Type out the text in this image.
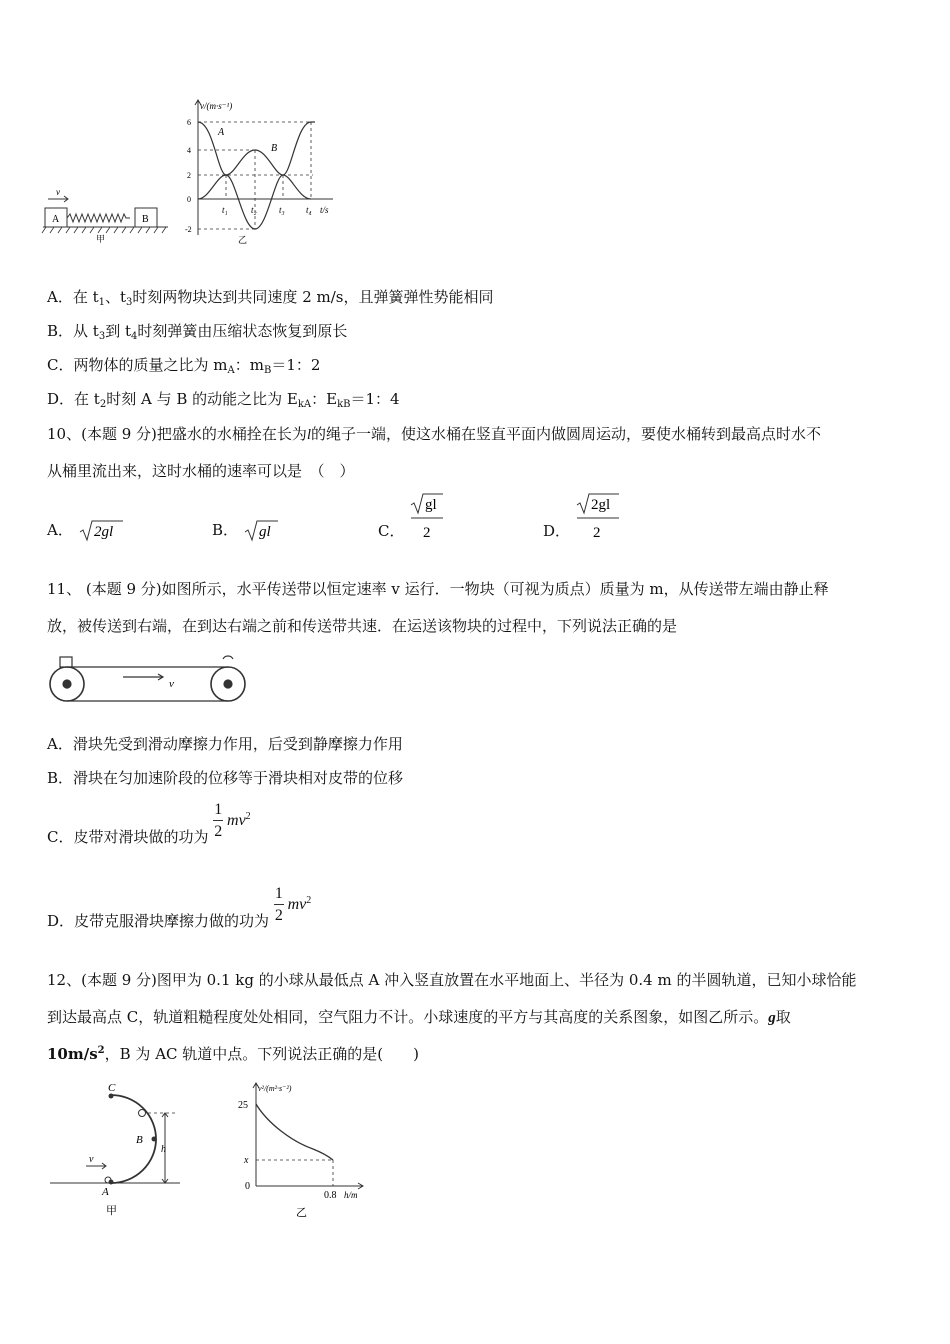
A	B
v
甲
v/(m·s⁻¹)
6
4
2
0
-2
t₁	t₂ t₃ t₄ t/s
A
B
乙
A．在 $t_1$、$t_3$时刻两物块达到共同速度 2 m/s，且弹簧弹性势能相同
B．从 $t_3$到 $t_4$时刻弹簧由压缩状态恢复到原长
C．两物体的质量之比为 $m_A$：$m_B=1$：2
D．在 $t_2$时刻 A 与 B 的动能之比为 $E_{kA}$：$E_{kB}=1$：4
10、(本题 9 分)把盛水的水桶拴在长为l的绳子一端，使这水桶在竖直平面内做圆周运动，要使水桶转到最高点时水不
从桶里流出来，这时水桶的速率可以是　（　）
A． 2gl	B． gl	C．
gl
2	D．
2gl
2
11、 (本题 9 分)如图所示，水平传送带以恒定速率 v 运行．一物块（可视为质点）质量为 m，从传送带左端由静止释
放，被传送到右端，在到达右端之前和传送带共速．在运送该物块的过程中，下列说法正确的是
v
A．滑块先受到滑动摩擦力作用，后受到静摩擦力作用
B．滑块在匀加速阶段的位移等于滑块相对皮带的位移
C．皮带对滑块做的功为 $\frac{1}{2} mv^2$
D．皮带克服滑块摩擦力做的功为 $\frac{1}{2} mv^2$
12、(本题 9 分)图甲为 0.1 kg 的小球从最低点 A 冲入竖直放置在水平地面上、半径为 0.4 m 的半圆轨道，已知小球恰能
到达最高点 C，轨道粗糙程度处处相同，空气阻力不计。小球速度的平方与其高度的关系图象，如图乙所示。g取
$10m/s^2$，B 为 AC 轨道中点。下列说法正确的是(　　)
C
B
A
h
v
甲
v²/(m²·s⁻²)
25
x
0
0.8 h/m
乙
